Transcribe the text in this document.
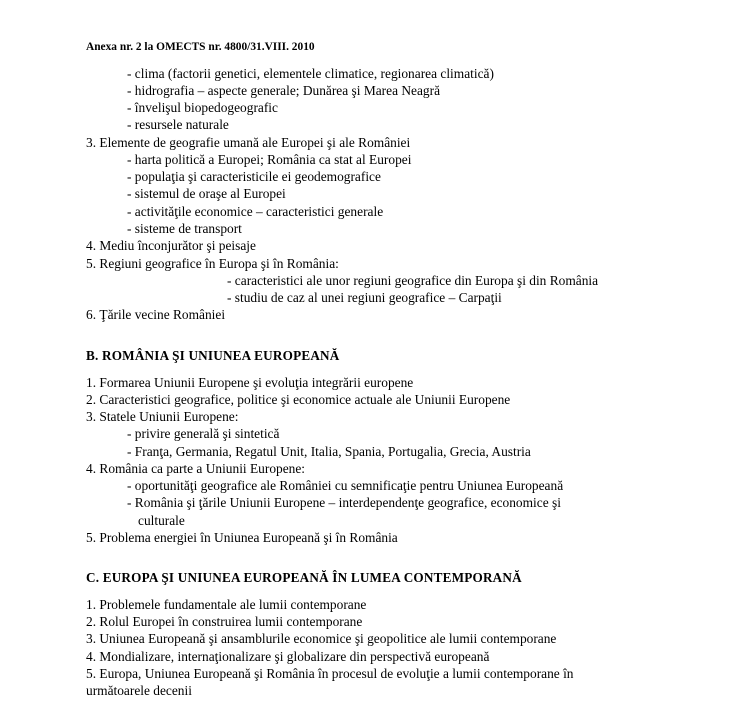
Anexa nr. 2 la OMECTS nr. 4800/31.VIII. 2010
- clima (factorii genetici, elementele climatice, regionarea climatică)
- hidrografia – aspecte generale; Dunărea şi Marea Neagră
- învelişul biopedogeografic
- resursele naturale
3. Elemente de geografie umană ale Europei şi ale României
- harta politică a Europei; România ca stat al Europei
- populaţia şi caracteristicile ei geodemografice
- sistemul de oraşe al Europei
- activităţile economice – caracteristici generale
- sisteme de transport
4. Mediu înconjurător şi peisaje
5. Regiuni geografice în Europa şi în România:
- caracteristici ale unor regiuni geografice din Europa şi din România
- studiu de caz al unei regiuni geografice – Carpaţii
6. Ţările vecine României
B. ROMÂNIA ŞI UNIUNEA EUROPEANĂ
1. Formarea Uniunii Europene şi evoluţia integrării europene
2. Caracteristici geografice, politice şi economice actuale ale Uniunii Europene
3. Statele Uniunii Europene:
- privire generală şi sintetică
- Franţa, Germania, Regatul Unit, Italia, Spania, Portugalia, Grecia, Austria
4. România ca parte a Uniunii Europene:
- oportunităţi geografice ale României cu semnificaţie pentru Uniunea Europeană
- România şi ţările Uniunii Europene – interdependenţe geografice, economice şi
culturale
5. Problema energiei în Uniunea Europeană şi în România
C. EUROPA ŞI UNIUNEA EUROPEANĂ ÎN LUMEA CONTEMPORANĂ
1. Problemele fundamentale ale lumii contemporane
2. Rolul Europei în construirea lumii contemporane
3. Uniunea Europeană şi ansamblurile economice şi geopolitice ale lumii contemporane
4. Mondializare, internaţionalizare şi globalizare din perspectivă europeană
5. Europa, Uniunea Europeană şi România în procesul de evoluţie a lumii contemporane în
următoarele decenii
